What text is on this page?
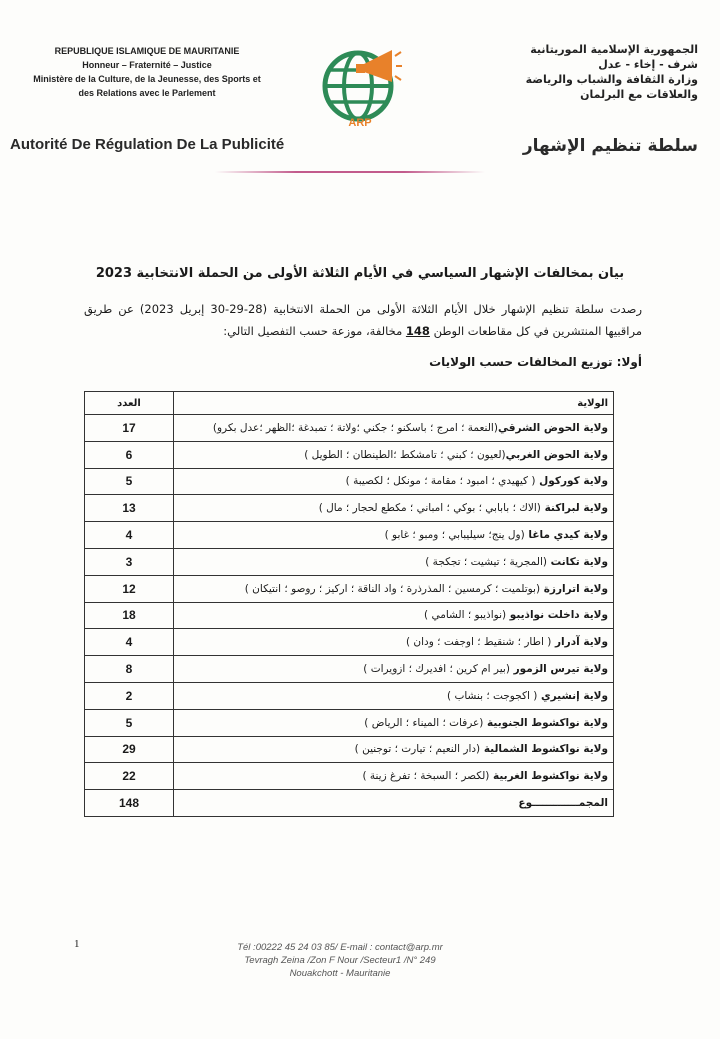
REPUBLIQUE ISLAMIQUE DE MAURITANIE
Honneur – Fraternité – Justice
Ministère de la Culture, de la Jeunesse, des Sports et
des Relations avec le Parlement
Autorité De Régulation De La Publicité
ARP
الجمهورية الإسلامية الموريتانية
شرف - إخاء - عدل
وزارة الثقافة والشباب والرياضة
والعلاقات مع البرلمان
سلطة تنظيم الإشهار
بيان بمخالفات الإشهار السياسي في الأيام الثلاثة الأولى من الحملة الانتخابية 2023
رصدت سلطة تنظيم الإشهار خلال الأيام الثلاثة الأولى من الحملة الانتخابية (28-29-30 إبريل 2023) عن طريق مراقبيها المنتشرين في كل مقاطعات الوطن 148 مخالفة، موزعة حسب التفصيل التالي:
أولا: توزيع المخالفات حسب الولايات
الولاية	العدد
ولاية الحوض الشرقي(النعمة ؛ امرج ؛ باسكنو ؛ جكني ؛ولاتة ؛ تمبدغة ؛الظهر ؛عدل بكرو)	17
ولاية الحوض الغربي(لعيون ؛ كبني ؛ تامشكط ؛الطينطان ؛ الطويل )	6
ولاية كوركول ( كيهيدي ؛ امبود ؛ مقامة ؛ مونكل ؛ لكصيبة )	5
ولاية لبراكنة (الاك ؛ بابابي ؛ بوكي ؛ امباني ؛ مكطع لحجار ؛ مال )	13
ولاية كيدي ماغا (ول ينج؛ سيليبابي ؛ ومبو ؛ غابو )	4
ولاية تكانت (المجرية ؛ تيشيت ؛ تجكجة )	3
ولاية اترارزة (بوتلميت ؛ كرمسين ؛ المذرذرة ؛ واد الناقة ؛ اركيز ؛ روصو ؛ انتيكان )	12
ولاية داخلت نواذيبو (نواذيبو ؛ الشامي )	18
ولاية آدرار ( اطار ؛ شنقيط ؛ اوجفت ؛ ودان )	4
ولاية تيرس الزمور (بير ام كرين ؛ افديرك ؛ ازويرات )	8
ولاية إنشيري ( اكجوجت ؛ بنشاب )	2
ولاية نواكشوط الجنوبية (عرفات ؛ الميناء ؛ الرياض )	5
ولاية نواكشوط الشمالية (دار النعيم ؛ تيارت ؛ توجنين )	29
ولاية نواكشوط الغربية (لكصر ؛ السبخة ؛ تفرغ زينة )	22
المجمـــــــــــــوع	148
1	Tél :00222 45 24 03 85/ E-mail : contact@arp.mr
Tevragh Zeina /Zon F Nour /Secteur1 /N° 249
Nouakchott - Mauritanie
